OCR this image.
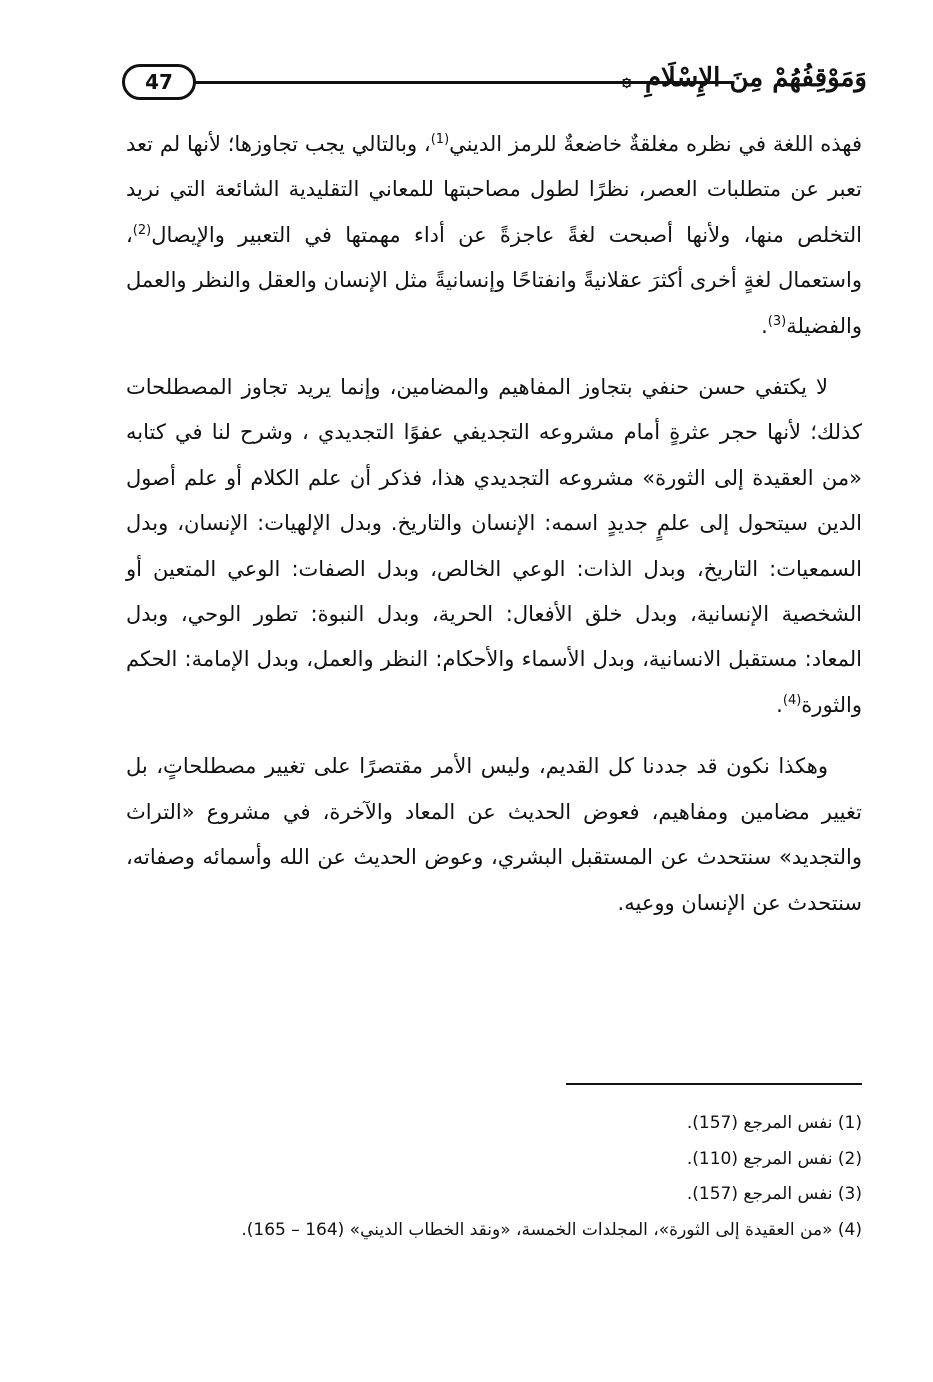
47	وَمَوْقِفُهُمْ مِنَ الإِسْلَامِ ۞

فهذه اللغة في نظره مغلقةٌ خاضعةٌ للرمز الديني$^{(1)}$، وبالتالي يجب تجاوزها؛ لأنها لم تعد تعبر عن متطلبات العصر، نظرًا لطول مصاحبتها للمعاني التقليدية الشائعة التي نريد التخلص منها، ولأنها أصبحت لغةً عاجزةً عن أداء مهمتها في التعبير والإيصال$^{(2)}$، واستعمال لغةٍ أخرى أكثرَ عقلانيةً وانفتاحًا وإنسانيةً مثل الإنسان والعقل والنظر والعمل والفضيلة$^{(3)}$.

لا يكتفي حسن حنفي بتجاوز المفاهيم والمضامين، وإنما يريد تجاوز المصطلحات كذلك؛ لأنها حجر عثرةٍ أمام مشروعه التجديفي عفوًا التجديدي ، وشرح لنا في كتابه «من العقيدة إلى الثورة» مشروعه التجديدي هذا، فذكر أن علم الكلام أو علم أصول الدين سيتحول إلى علمٍ جديدٍ اسمه: الإنسان والتاريخ. وبدل الإلهيات: الإنسان، وبدل السمعيات: التاريخ، وبدل الذات: الوعي الخالص، وبدل الصفات: الوعي المتعين أو الشخصية الإنسانية، وبدل خلق الأفعال: الحرية، وبدل النبوة: تطور الوحي، وبدل المعاد: مستقبل الانسانية، وبدل الأسماء والأحكام: النظر والعمل، وبدل الإمامة: الحكم والثورة$^{(4)}$.

وهكذا نكون قد جددنا كل القديم، وليس الأمر مقتصرًا على تغيير مصطلحاتٍ، بل تغيير مضامين ومفاهيم، فعوض الحديث عن المعاد والآخرة، في مشروع «التراث والتجديد» سنتحدث عن المستقبل البشري، وعوض الحديث عن الله وأسمائه وصفاته، سنتحدث عن الإنسان ووعيه.

(1) نفس المرجع (157).
(2) نفس المرجع (110).
(3) نفس المرجع (157).
(4) «من العقيدة إلى الثورة»، المجلدات الخمسة، «ونقد الخطاب الديني» (164 – 165).
